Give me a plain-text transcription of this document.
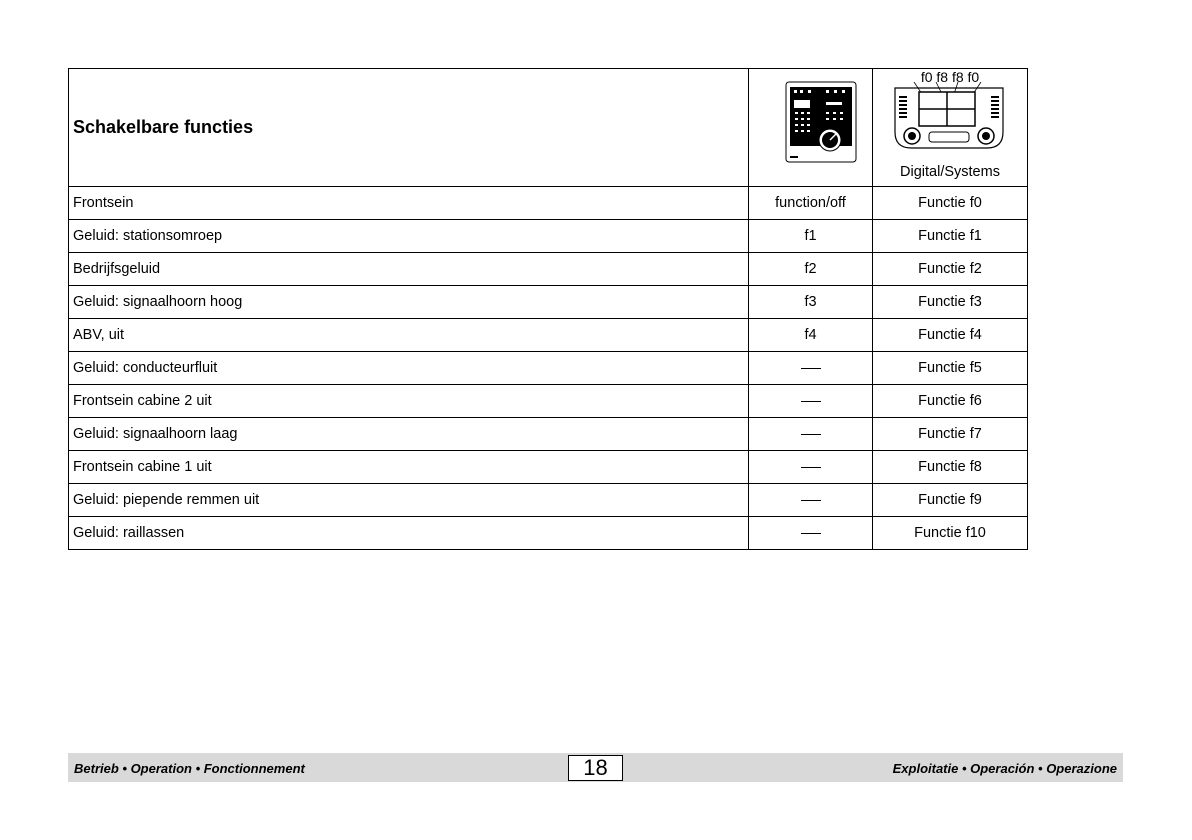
Schakelbare functies		f0 f8 f8 f0
Digital/Systems

Frontsein	function/off	Functie f0
Geluid: stationsomroep	f1	Functie f1
Bedrijfsgeluid	f2	Functie f2
Geluid: signaalhoorn hoog	f3	Functie f3
ABV, uit	f4	Functie f4
Geluid: conducteurfluit		Functie f5
Frontsein cabine 2 uit		Functie f6
Geluid: signaalhoorn laag		Functie f7
Frontsein cabine 1 uit		Functie f8
Geluid: piepende remmen uit		Functie f9
Geluid: raillassen		Functie f10
Betrieb • Operation • Fonctionnement	18	Exploitatie • Operación • Operazione
